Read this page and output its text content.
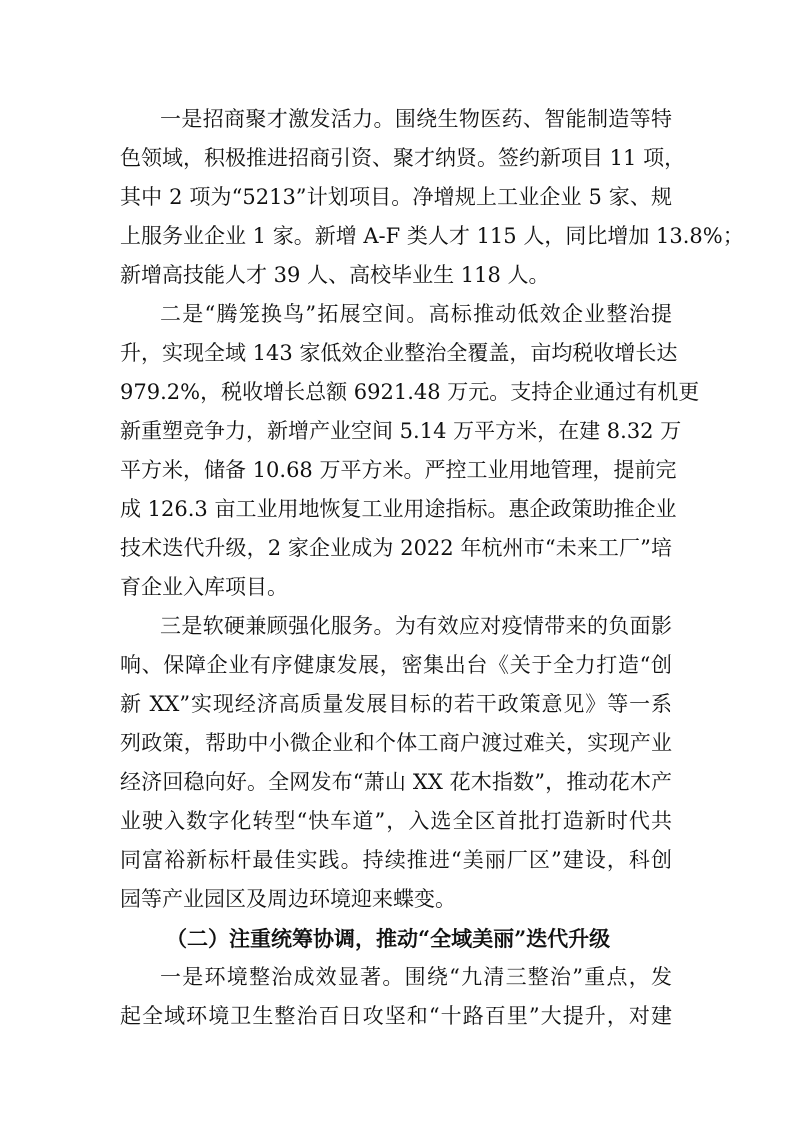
一是招商聚才激发活力。围绕生物医药、智能制造等特
色领域，积极推进招商引资、聚才纳贤。签约新项目 11 项，
其中 2 项为“5213”计划项目。净增规上工业企业 5 家、规
上服务业企业 1 家。新增 A-F 类人才 115 人，同比增加 13.8%；
新增高技能人才 39 人、高校毕业生 118 人。
二是“腾笼换鸟”拓展空间。高标推动低效企业整治提
升，实现全域 143 家低效企业整治全覆盖，亩均税收增长达
979.2%，税收增长总额 6921.48 万元。支持企业通过有机更
新重塑竞争力，新增产业空间 5.14 万平方米，在建 8.32 万
平方米，储备 10.68 万平方米。严控工业用地管理，提前完
成 126.3 亩工业用地恢复工业用途指标。惠企政策助推企业
技术迭代升级，2 家企业成为 2022 年杭州市“未来工厂”培
育企业入库项目。
三是软硬兼顾强化服务。为有效应对疫情带来的负面影
响、保障企业有序健康发展，密集出台《关于全力打造“创
新 XX”实现经济高质量发展目标的若干政策意见》等一系
列政策，帮助中小微企业和个体工商户渡过难关，实现产业
经济回稳向好。全网发布“萧山 XX 花木指数”，推动花木产
业驶入数字化转型“快车道”，入选全区首批打造新时代共
同富裕新标杆最佳实践。持续推进“美丽厂区”建设，科创
园等产业园区及周边环境迎来蝶变。
（二）注重统筹协调，推动“全域美丽”迭代升级
一是环境整治成效显著。围绕“九清三整治”重点，发
起全域环境卫生整治百日攻坚和“十路百里”大提升，对建
